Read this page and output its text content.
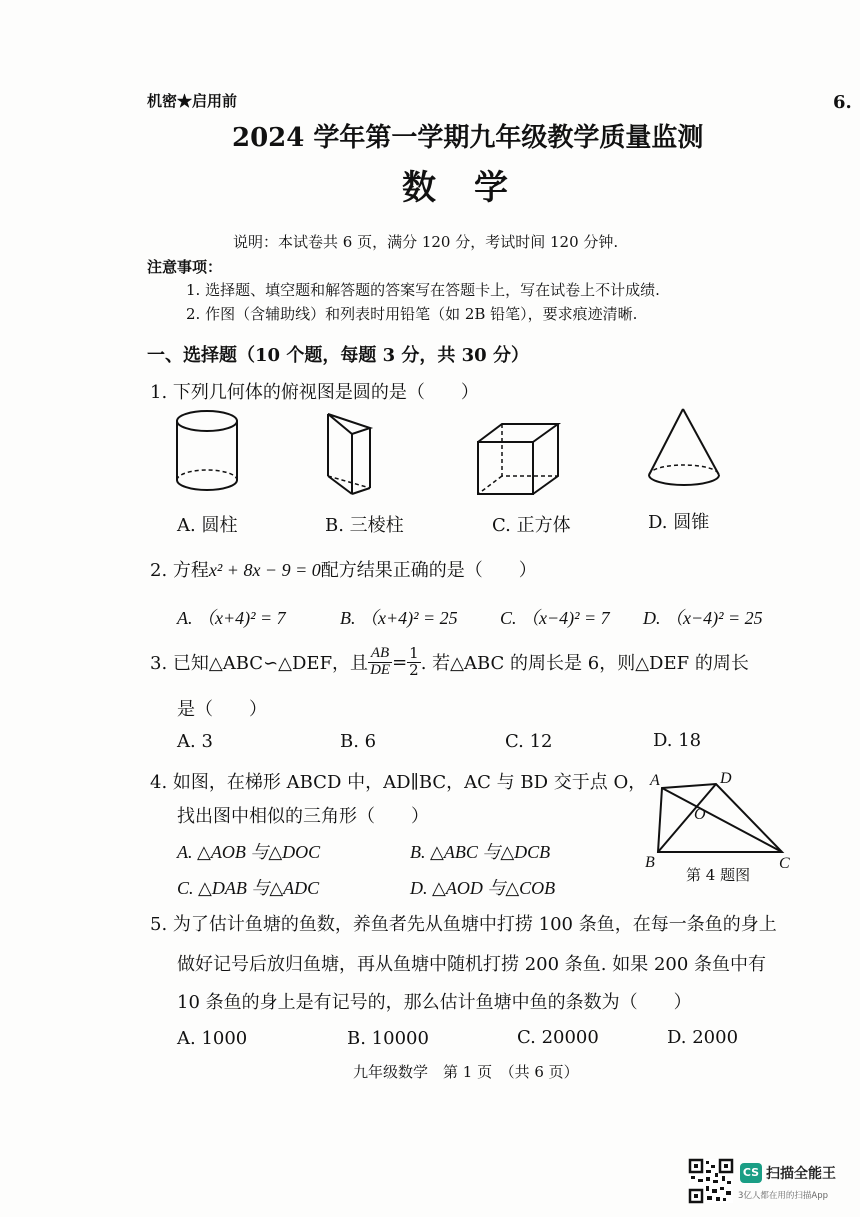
机密★启用前	6.
2024 学年第一学期九年级教学质量监测
数学
说明：本试卷共 6 页，满分 120 分，考试时间 120 分钟.
注意事项：
1. 选择题、填空题和解答题的答案写在答题卡上，写在试卷上不计成绩.
2. 作图（含辅助线）和列表时用铅笔（如 2B 铅笔），要求痕迹清晰.
一、选择题（10 个题，每题 3 分，共 30 分）
1. 下列几何体的俯视图是圆的是（　　）
A. 圆柱	B. 三棱柱	C. 正方体	D. 圆锥
2. 方程x² + 8x − 9 = 0配方结果正确的是（　　）
A. （x+4)² = 7	B. （x+4)² = 25 C. （x−4)² = 7 D. （x−4)² = 25
3. 已知△ABC∽△DEF，且 $\frac{AB}{DE} = \frac{1}{2}$ . 若△ABC 的周长是 6，则△DEF 的周长
是（　　）
A. 3	B. 6	C. 12	D. 18
4. 如图，在梯形 ABCD 中，AD∥BC，AC 与 BD 交于点 O，
找出图中相似的三角形（　　）
A. △AOB 与△DOC	B. △ABC 与△DCB
C. △DAB 与△ADC	D. △AOD 与△COB
A	D
O
B	C
第 4 题图
5. 为了估计鱼塘的鱼数，养鱼者先从鱼塘中打捞 100 条鱼，在每一条鱼的身上
做好记号后放归鱼塘，再从鱼塘中随机打捞 200 条鱼. 如果 200 条鱼中有
10 条鱼的身上是有记号的，那么估计鱼塘中鱼的条数为（　　）
A. 1000	B. 10000	C. 20000	D. 2000
九年级数学　第 1 页　（共 6 页）
CS 扫描全能王
3亿人都在用的扫描App
